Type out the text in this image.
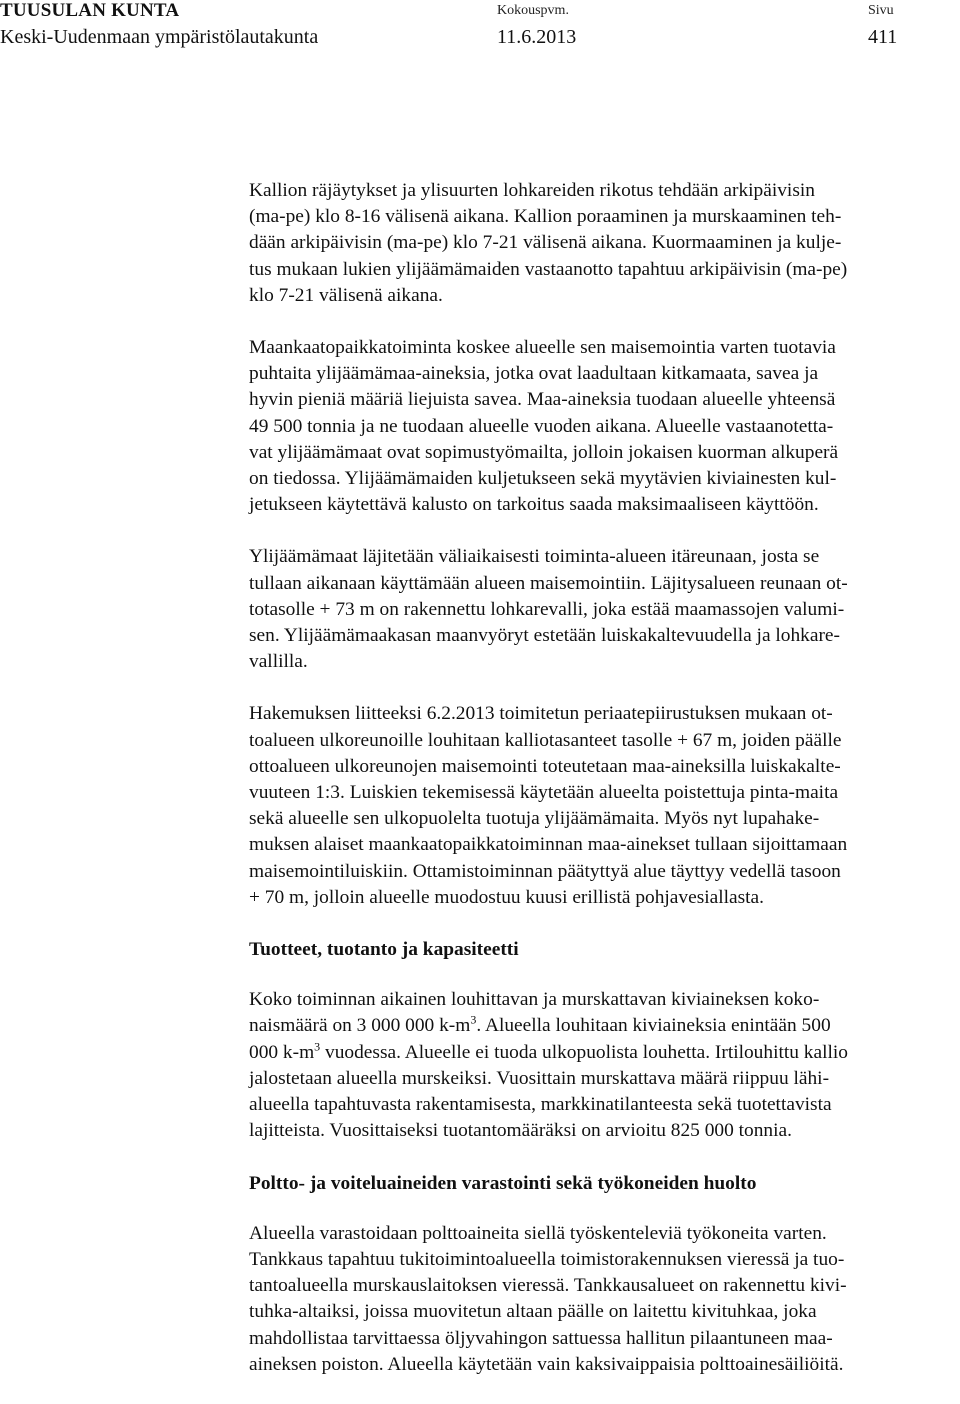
TUUSULAN KUNTA
Keski-Uudenmaan ympäristölautakunta
Kokouspvm.
11.6.2013
Sivu
411

Kallion räjäytykset ja ylisuurten lohkareiden rikotus tehdään arkipäivisin
(ma-pe) klo 8-16 välisenä aikana. Kallion poraaminen ja murskaaminen teh-
dään arkipäivisin (ma-pe) klo 7-21 välisenä aikana. Kuormaaminen ja kulje-
tus mukaan lukien ylijäämämaiden vastaanotto tapahtuu arkipäivisin (ma-pe)
klo 7-21 välisenä aikana.

Maankaatopaikkatoiminta koskee alueelle sen maisemointia varten tuotavia
puhtaita ylijäämämaa-aineksia, jotka ovat laadultaan kitkamaata, savea ja
hyvin pieniä määriä liejuista savea. Maa-aineksia tuodaan alueelle yhteensä
49 500 tonnia ja ne tuodaan alueelle vuoden aikana. Alueelle vastaanotetta-
vat ylijäämämaat ovat sopimustyömailta, jolloin jokaisen kuorman alkuperä
on tiedossa. Ylijäämämaiden kuljetukseen sekä myytävien kiviainesten kul-
jetukseen käytettävä kalusto on tarkoitus saada maksimaaliseen käyttöön.

Ylijäämämaat läjitetään väliaikaisesti toiminta-alueen itäreunaan, josta se
tullaan aikanaan käyttämään alueen maisemointiin. Läjitysalueen reunaan ot-
totasolle + 73 m on rakennettu lohkarevalli, joka estää maamassojen valumi-
sen. Ylijäämämaakasan maanvyöryt estetään luiskakaltevuudella ja lohkare-
vallilla.

Hakemuksen liitteeksi 6.2.2013 toimitetun periaatepiirustuksen mukaan ot-
toalueen ulkoreunoille louhitaan kalliotasanteet tasolle + 67 m, joiden päälle
ottoalueen ulkoreunojen maisemointi toteutetaan maa-aineksilla luiskakalte-
vuuteen 1:3. Luiskien tekemisessä käytetään alueelta poistettuja pinta-maita
sekä alueelle sen ulkopuolelta tuotuja ylijäämämaita. Myös nyt lupahake-
muksen alaiset maankaatopaikkatoiminnan maa-ainekset tullaan sijoittamaan
maisemointiluiskiin. Ottamistoiminnan päätyttyä alue täyttyy vedellä tasoon
+ 70 m, jolloin alueelle muodostuu kuusi erillistä pohjavesiallasta.

Tuotteet, tuotanto ja kapasiteetti

Koko toiminnan aikainen louhittavan ja murskattavan kiviaineksen koko-
naismäärä on 3 000 000 $k-m^3$. Alueella louhitaan kiviaineksia enintään 500
000 $k-m^3$ vuodessa. Alueelle ei tuoda ulkopuolista louhetta. Irtilouhittu kallio
jalostetaan alueella murskeiksi. Vuosittain murskattava määrä riippuu lähi-
alueella tapahtuvasta rakentamisesta, markkinatilanteesta sekä tuotettavista
lajitteista. Vuosittaiseksi tuotantomääräksi on arvioitu 825 000 tonnia.

Poltto- ja voiteluaineiden varastointi sekä työkoneiden huolto

Alueella varastoidaan polttoaineita siellä työskenteleviä työkoneita varten.
Tankkaus tapahtuu tukitoimintoalueella toimistorakennuksen vieressä ja tuo-
tantoalueella murskauslaitoksen vieressä. Tankkausalueet on rakennettu kivi-
tuhka-altaiksi, joissa muovitetun altaan päälle on laitettu kivituhkaa, joka
mahdollistaa tarvittaessa öljyvahingon sattuessa hallitun pilaantuneen maa-
aineksen poiston. Alueella käytetään vain kaksivaippaisia polttoainesäiliöitä.
